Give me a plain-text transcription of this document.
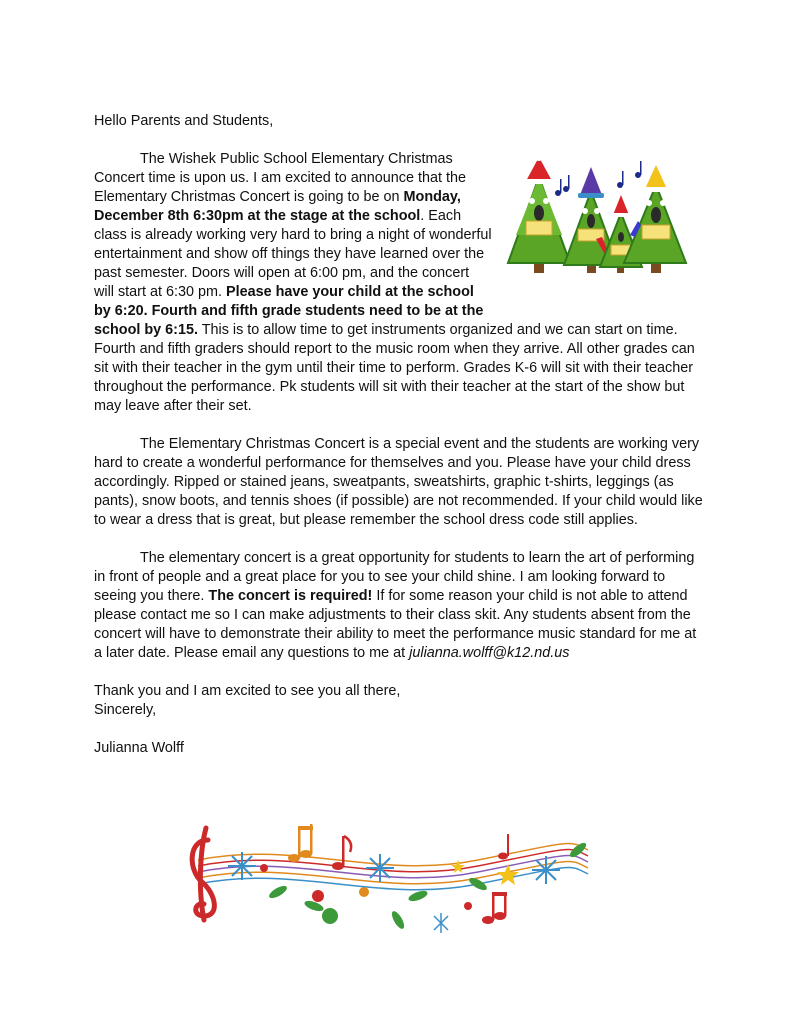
Hello Parents and Students,
The Wishek Public School Elementary Christmas
Concert time is upon us. I am excited to announce that the
Elementary Christmas Concert is going to be on Monday,
December 8th 6:30pm at the stage at the school. Each
class is already working very hard to bring a night of wonderful
entertainment and show off things they have learned over the
past semester. Doors will open at 6:00 pm, and the concert
will start at 6:30 pm. Please have your child at the school
by 6:20. Fourth and fifth grade students need to be at the
school by 6:15. This is to allow time to get instruments organized and we can start on time.
Fourth and fifth graders should report to the music room when they arrive. All other grades can
sit with their teacher in the gym until their time to perform. Grades K-6 will sit with their teacher
throughout the performance. Pk students will sit with their teacher at the start of the show but
may leave after their set.
The Elementary Christmas Concert is a special event and the students are working very
hard to create a wonderful performance for themselves and you. Please have your child dress
accordingly. Ripped or stained jeans, sweatpants, sweatshirts, graphic t-shirts, leggings (as
pants), snow boots, and tennis shoes (if possible) are not recommended. If your child would like
to wear a dress that is great, but please remember the school dress code still applies.
The elementary concert is a great opportunity for students to learn the art of performing
in front of people and a great place for you to see your child shine. I am looking forward to
seeing you there. The concert is required! If for some reason your child is not able to attend
please contact me so I can make adjustments to their class skit. Any students absent from the
concert will have to demonstrate their ability to meet the performance music standard for me at
a later date. Please email any questions to me at julianna.wolff@k12.nd.us
Thank you and I am excited to see you all there,
Sincerely,
Julianna Wolff
